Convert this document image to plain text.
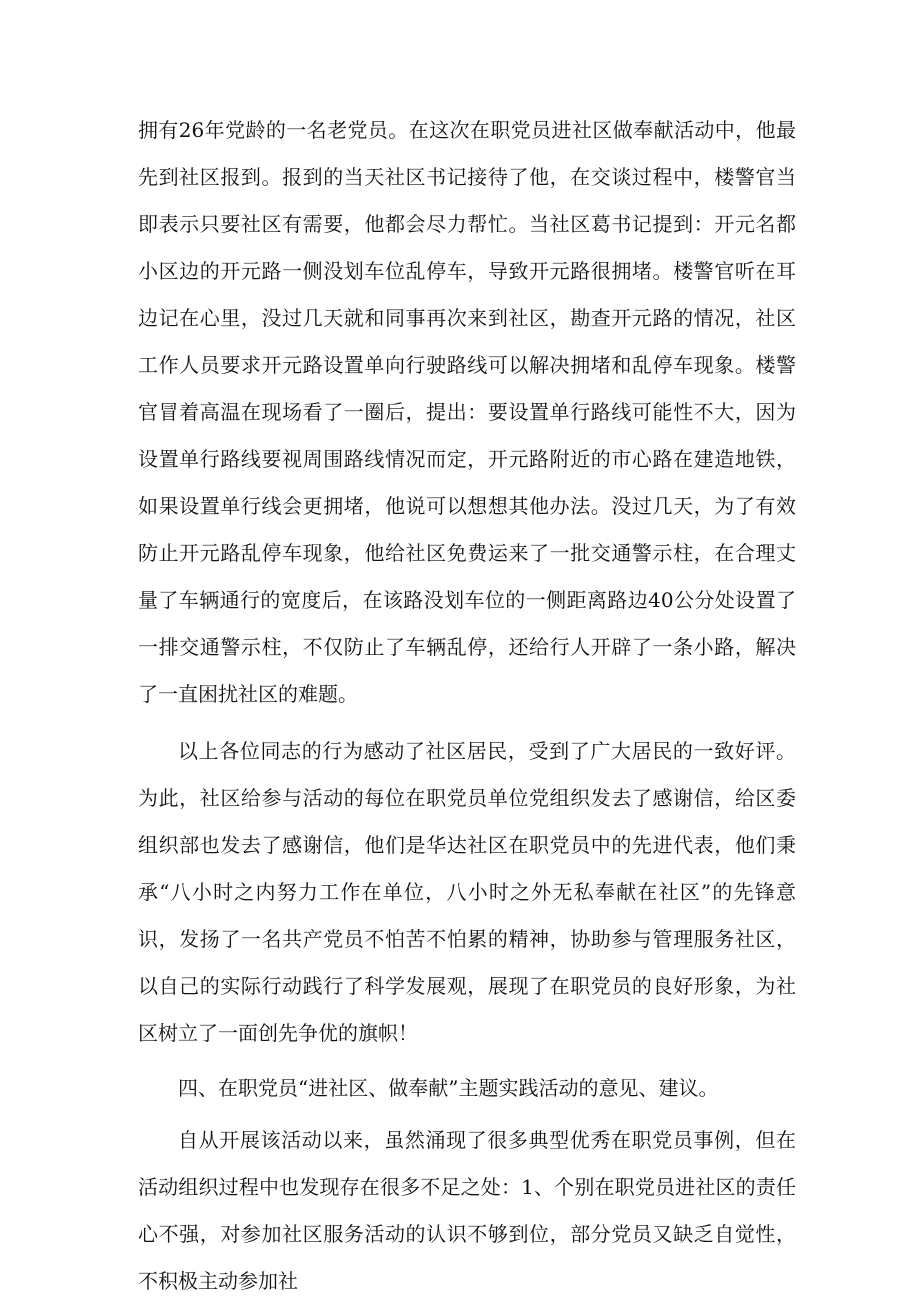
拥有26年党龄的一名老党员。在这次在职党员进社区做奉献活动中，他最先到社区报到。报到的当天社区书记接待了他，在交谈过程中，楼警官当即表示只要社区有需要，他都会尽力帮忙。当社区葛书记提到：开元名都小区边的开元路一侧没划车位乱停车，导致开元路很拥堵。楼警官听在耳边记在心里，没过几天就和同事再次来到社区，勘查开元路的情况，社区工作人员要求开元路设置单向行驶路线可以解决拥堵和乱停车现象。楼警官冒着高温在现场看了一圈后，提出：要设置单行路线可能性不大，因为设置单行路线要视周围路线情况而定，开元路附近的市心路在建造地铁，如果设置单行线会更拥堵，他说可以想想其他办法。没过几天，为了有效防止开元路乱停车现象，他给社区免费运来了一批交通警示柱，在合理丈量了车辆通行的宽度后，在该路没划车位的一侧距离路边40公分处设置了一排交通警示柱，不仅防止了车辆乱停，还给行人开辟了一条小路，解决了一直困扰社区的难题。

以上各位同志的行为感动了社区居民，受到了广大居民的一致好评。为此，社区给参与活动的每位在职党员单位党组织发去了感谢信，给区委组织部也发去了感谢信，他们是华达社区在职党员中的先进代表，他们秉承“八小时之内努力工作在单位，八小时之外无私奉献在社区”的先锋意识，发扬了一名共产党员不怕苦不怕累的精神，协助参与管理服务社区，以自己的实际行动践行了科学发展观，展现了在职党员的良好形象，为社区树立了一面创先争优的旗帜！

四、在职党员“进社区、做奉献”主题实践活动的意见、建议。

自从开展该活动以来，虽然涌现了很多典型优秀在职党员事例，但在活动组织过程中也发现存在很多不足之处：1、个别在职党员进社区的责任心不强，对参加社区服务活动的认识不够到位，部分党员又缺乏自觉性，不积极主动参加社
